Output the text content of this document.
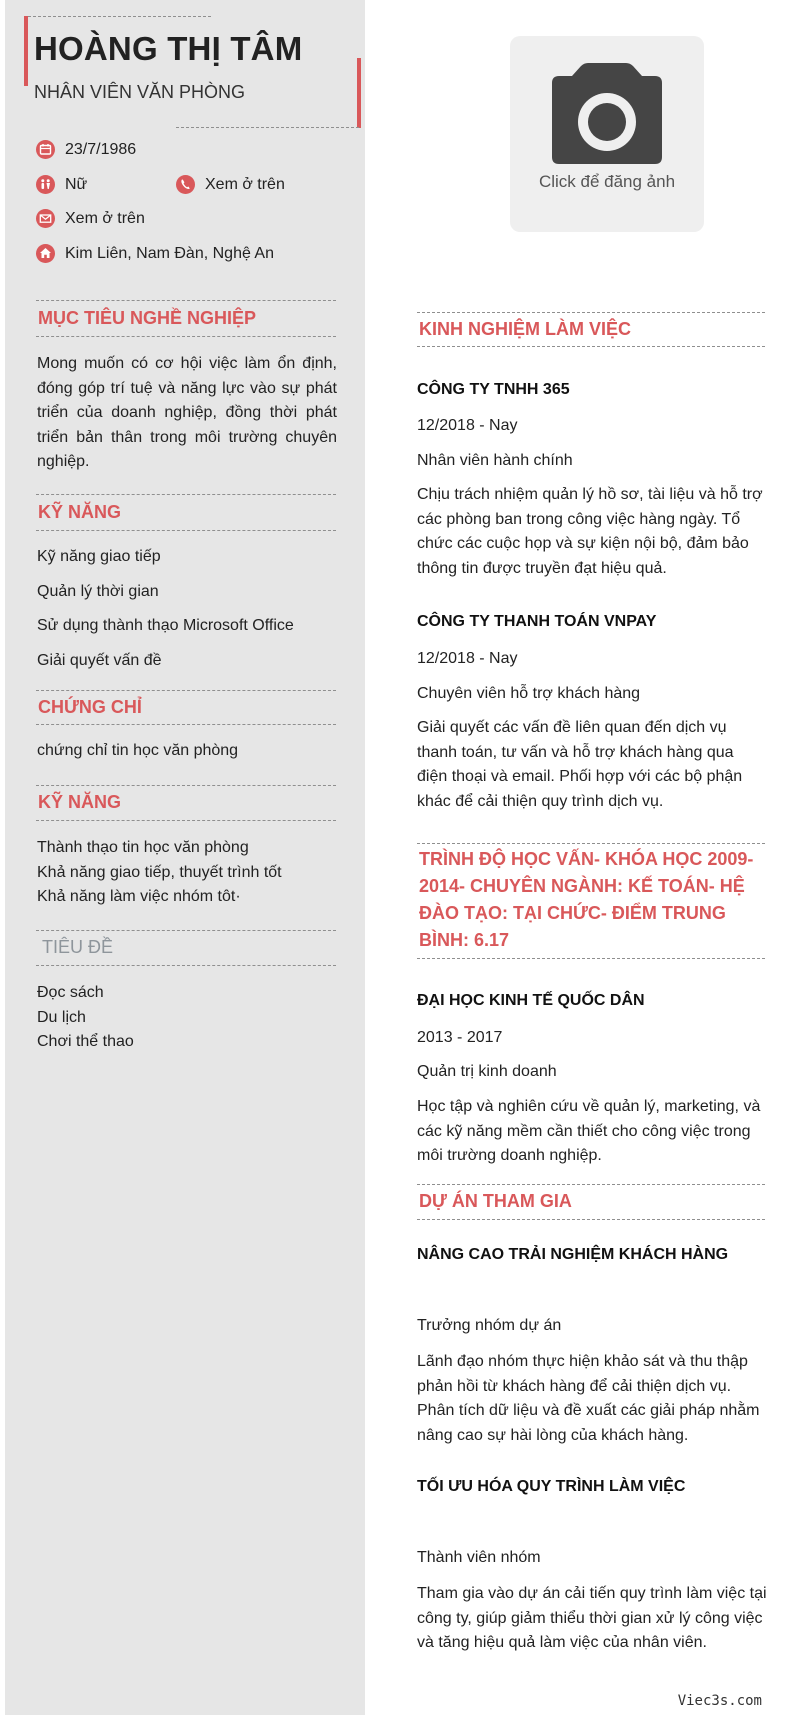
HOÀNG THỊ TÂM
NHÂN VIÊN VĂN PHÒNG
23/7/1986
Nữ	Xem ở trên
Xem ở trên
Kim Liên, Nam Đàn, Nghệ An
MỤC TIÊU NGHỀ NGHIỆP
Mong muốn có cơ hội việc làm ổn định, đóng góp trí tuệ và năng lực vào sự phát triển của doanh nghiệp, đồng thời phát triển bản thân trong môi trường chuyên nghiệp.
KỸ NĂNG
Kỹ năng giao tiếp
Quản lý thời gian
Sử dụng thành thạo Microsoft Office
Giải quyết vấn đề
CHỨNG CHỈ
chứng chỉ tin học văn phòng
KỸ NĂNG
Thành thạo tin học văn phòng
Khả năng giao tiếp, thuyết trình tốt
Khả năng làm việc nhóm tôt·
TIÊU ĐỀ
Đọc sách
Du lịch
Chơi thể thao
Click để đăng ảnh
KINH NGHIỆM LÀM VIỆC
CÔNG TY TNHH 365
12/2018 - Nay
Nhân viên hành chính
Chịu trách nhiệm quản lý hồ sơ, tài liệu và hỗ trợ các phòng ban trong công việc hàng ngày. Tổ chức các cuộc họp và sự kiện nội bộ, đảm bảo thông tin được truyền đạt hiệu quả.
CÔNG TY THANH TOÁN VNPAY
12/2018 - Nay
Chuyên viên hỗ trợ khách hàng
Giải quyết các vấn đề liên quan đến dịch vụ thanh toán, tư vấn và hỗ trợ khách hàng qua điện thoại và email. Phối hợp với các bộ phận khác để cải thiện quy trình dịch vụ.
TRÌNH ĐỘ HỌC VẤN- KHÓA HỌC 2009-2014- CHUYÊN NGÀNH: KẾ TOÁN- HỆ ĐÀO TẠO: TẠI CHỨC- ĐIỂM TRUNG BÌNH: 6.17
ĐẠI HỌC KINH TẾ QUỐC DÂN
2013 - 2017
Quản trị kinh doanh
Học tập và nghiên cứu về quản lý, marketing, và các kỹ năng mềm cần thiết cho công việc trong môi trường doanh nghiệp.
DỰ ÁN THAM GIA
NÂNG CAO TRẢI NGHIỆM KHÁCH HÀNG
Trưởng nhóm dự án
Lãnh đạo nhóm thực hiện khảo sát và thu thập phản hồi từ khách hàng để cải thiện dịch vụ. Phân tích dữ liệu và đề xuất các giải pháp nhằm nâng cao sự hài lòng của khách hàng.
TỐI ƯU HÓA QUY TRÌNH LÀM VIỆC
Thành viên nhóm
Tham gia vào dự án cải tiến quy trình làm việc tại công ty, giúp giảm thiểu thời gian xử lý công việc và tăng hiệu quả làm việc của nhân viên.
Viec3s.com
